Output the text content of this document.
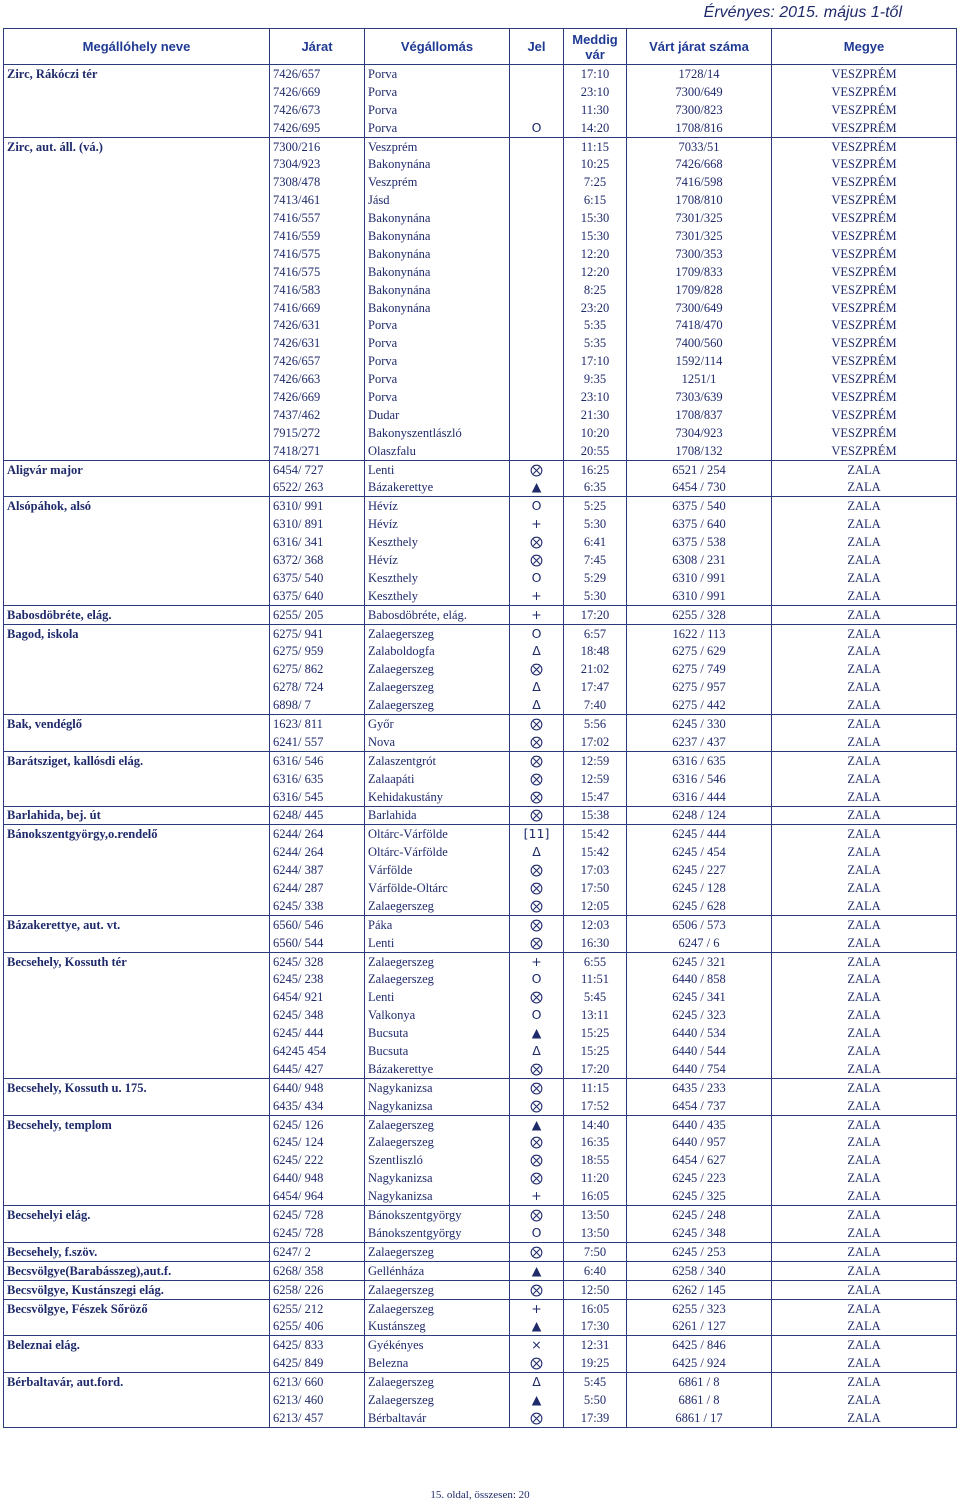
Érvényes: 2015. május 1-től
Megállóhely neve	Járat	Végállomás	Jel	Meddig vár	Várt járat száma	Megye
Zirc, Rákóczi tér	7426/657	Porva		17:10	1728/14	VESZPRÉM
	7426/669	Porva		23:10	7300/649	VESZPRÉM
	7426/673	Porva		11:30	7300/823	VESZPRÉM
	7426/695	Porva	O	14:20	1708/816	VESZPRÉM
Zirc, aut. áll. (vá.)	7300/216	Veszprém		11:15	7033/51	VESZPRÉM
	7304/923	Bakonynána		10:25	7426/668	VESZPRÉM
	7308/478	Veszprém		7:25	7416/598	VESZPRÉM
	7413/461	Jásd		6:15	1708/810	VESZPRÉM
	7416/557	Bakonynána		15:30	7301/325	VESZPRÉM
	7416/559	Bakonynána		15:30	7301/325	VESZPRÉM
	7416/575	Bakonynána		12:20	7300/353	VESZPRÉM
	7416/575	Bakonynána		12:20	1709/833	VESZPRÉM
	7416/583	Bakonynána		8:25	1709/828	VESZPRÉM
	7416/669	Bakonynána		23:20	7300/649	VESZPRÉM
	7426/631	Porva		5:35	7418/470	VESZPRÉM
	7426/631	Porva		5:35	7400/560	VESZPRÉM
	7426/657	Porva		17:10	1592/114	VESZPRÉM
	7426/663	Porva		9:35	1251/1	VESZPRÉM
	7426/669	Porva		23:10	7303/639	VESZPRÉM
	7437/462	Dudar		21:30	1708/837	VESZPRÉM
	7915/272	Bakonyszentlászló		10:20	7304/923	VESZPRÉM
	7418/271	Olaszfalu		20:55	1708/132	VESZPRÉM
Aligvár major	6454/ 727	Lenti	⨂	16:25	6521 / 254	ZALA
	6522/ 263	Bázakerettye	▲	6:35	6454 / 730	ZALA
Alsópáhok, alsó	6310/ 991	Hévíz	O	5:25	6375 / 540	ZALA
	6310/ 891	Hévíz	+	5:30	6375 / 640	ZALA
	6316/ 341	Keszthely	⨂	6:41	6375 / 538	ZALA
	6372/ 368	Hévíz	⨂	7:45	6308 / 231	ZALA
	6375/ 540	Keszthely	O	5:29	6310 / 991	ZALA
	6375/ 640	Keszthely	+	5:30	6310 / 991	ZALA
Babosdöbréte, elág.	6255/ 205	Babosdöbréte, elág.	+	17:20	6255 / 328	ZALA
Bagod, iskola	6275/ 941	Zalaegerszeg	O	6:57	1622 / 113	ZALA
	6275/ 959	Zalaboldogfa	Δ	18:48	6275 / 629	ZALA
	6275/ 862	Zalaegerszeg	⨂	21:02	6275 / 749	ZALA
	6278/ 724	Zalaegerszeg	Δ	17:47	6275 / 957	ZALA
	6898/ 7	Zalaegerszeg	Δ	7:40	6275 / 442	ZALA
Bak, vendéglő	1623/ 811	Győr	⨂	5:56	6245 / 330	ZALA
	6241/ 557	Nova	⨂	17:02	6237 / 437	ZALA
Barátsziget, kallósdi elág.	6316/ 546	Zalaszentgrót	⨂	12:59	6316 / 635	ZALA
	6316/ 635	Zalaapáti	⨂	12:59	6316 / 546	ZALA
	6316/ 545	Kehidakustány	⨂	15:47	6316 / 444	ZALA
Barlahida, bej. út	6248/ 445	Barlahida	⨂	15:38	6248 / 124	ZALA
Bánokszentgyörgy,o.rendelő	6244/ 264	Oltárc-Várfölde	[11]	15:42	6245 / 444	ZALA
	6244/ 264	Oltárc-Várfölde	Δ	15:42	6245 / 454	ZALA
	6244/ 387	Várfölde	⨂	17:03	6245 / 227	ZALA
	6244/ 287	Várfölde-Oltárc	⨂	17:50	6245 / 128	ZALA
	6245/ 338	Zalaegerszeg	⨂	12:05	6245 / 628	ZALA
Bázakerettye, aut. vt.	6560/ 546	Páka	⨂	12:03	6506 / 573	ZALA
	6560/ 544	Lenti	⨂	16:30	6247 / 6	ZALA
Becsehely, Kossuth tér	6245/ 328	Zalaegerszeg	+	6:55	6245 / 321	ZALA
	6245/ 238	Zalaegerszeg	O	11:51	6440 / 858	ZALA
	6454/ 921	Lenti	⨂	5:45	6245 / 341	ZALA
	6245/ 348	Valkonya	O	13:11	6245 / 323	ZALA
	6245/ 444	Bucsuta	▲	15:25	6440 / 534	ZALA
	64245 454	Bucsuta	Δ	15:25	6440 / 544	ZALA
	6445/ 427	Bázakerettye	⨂	17:20	6440 / 754	ZALA
Becsehely, Kossuth u. 175.	6440/ 948	Nagykanizsa	⨂	11:15	6435 / 233	ZALA
	6435/ 434	Nagykanizsa	⨂	17:52	6454 / 737	ZALA
Becsehely, templom	6245/ 126	Zalaegerszeg	▲	14:40	6440 / 435	ZALA
	6245/ 124	Zalaegerszeg	⨂	16:35	6440 / 957	ZALA
	6245/ 222	Szentliszló	⨂	18:55	6454 / 627	ZALA
	6440/ 948	Nagykanizsa	⨂	11:20	6245 / 223	ZALA
	6454/ 964	Nagykanizsa	+	16:05	6245 / 325	ZALA
Becsehelyi elág.	6245/ 728	Bánokszentgyörgy	⨂	13:50	6245 / 248	ZALA
	6245/ 728	Bánokszentgyörgy	O	13:50	6245 / 348	ZALA
Becsehely, f.szöv.	6247/ 2	Zalaegerszeg	⨂	7:50	6245 / 253	ZALA
Becsvölgye(Barabásszeg),aut.f.	6268/ 358	Gellénháza	▲	6:40	6258 / 340	ZALA
Becsvölgye, Kustánszegi elág.	6258/ 226	Zalaegerszeg	⨂	12:50	6262 / 145	ZALA
Becsvölgye, Fészek Sőröző	6255/ 212	Zalaegerszeg	+	16:05	6255 / 323	ZALA
	6255/ 406	Kustánszeg	▲	17:30	6261 / 127	ZALA
Beleznai elág.	6425/ 833	Gyékényes	×	12:31	6425 / 846	ZALA
	6425/ 849	Belezna	⨂	19:25	6425 / 924	ZALA
Bérbaltavár, aut.ford.	6213/ 660	Zalaegerszeg	Δ	5:45	6861 / 8	ZALA
	6213/ 460	Zalaegerszeg	▲	5:50	6861 / 8	ZALA
	6213/ 457	Bérbaltavár	⨂	17:39	6861 / 17	ZALA
15. oldal, összesen: 20
